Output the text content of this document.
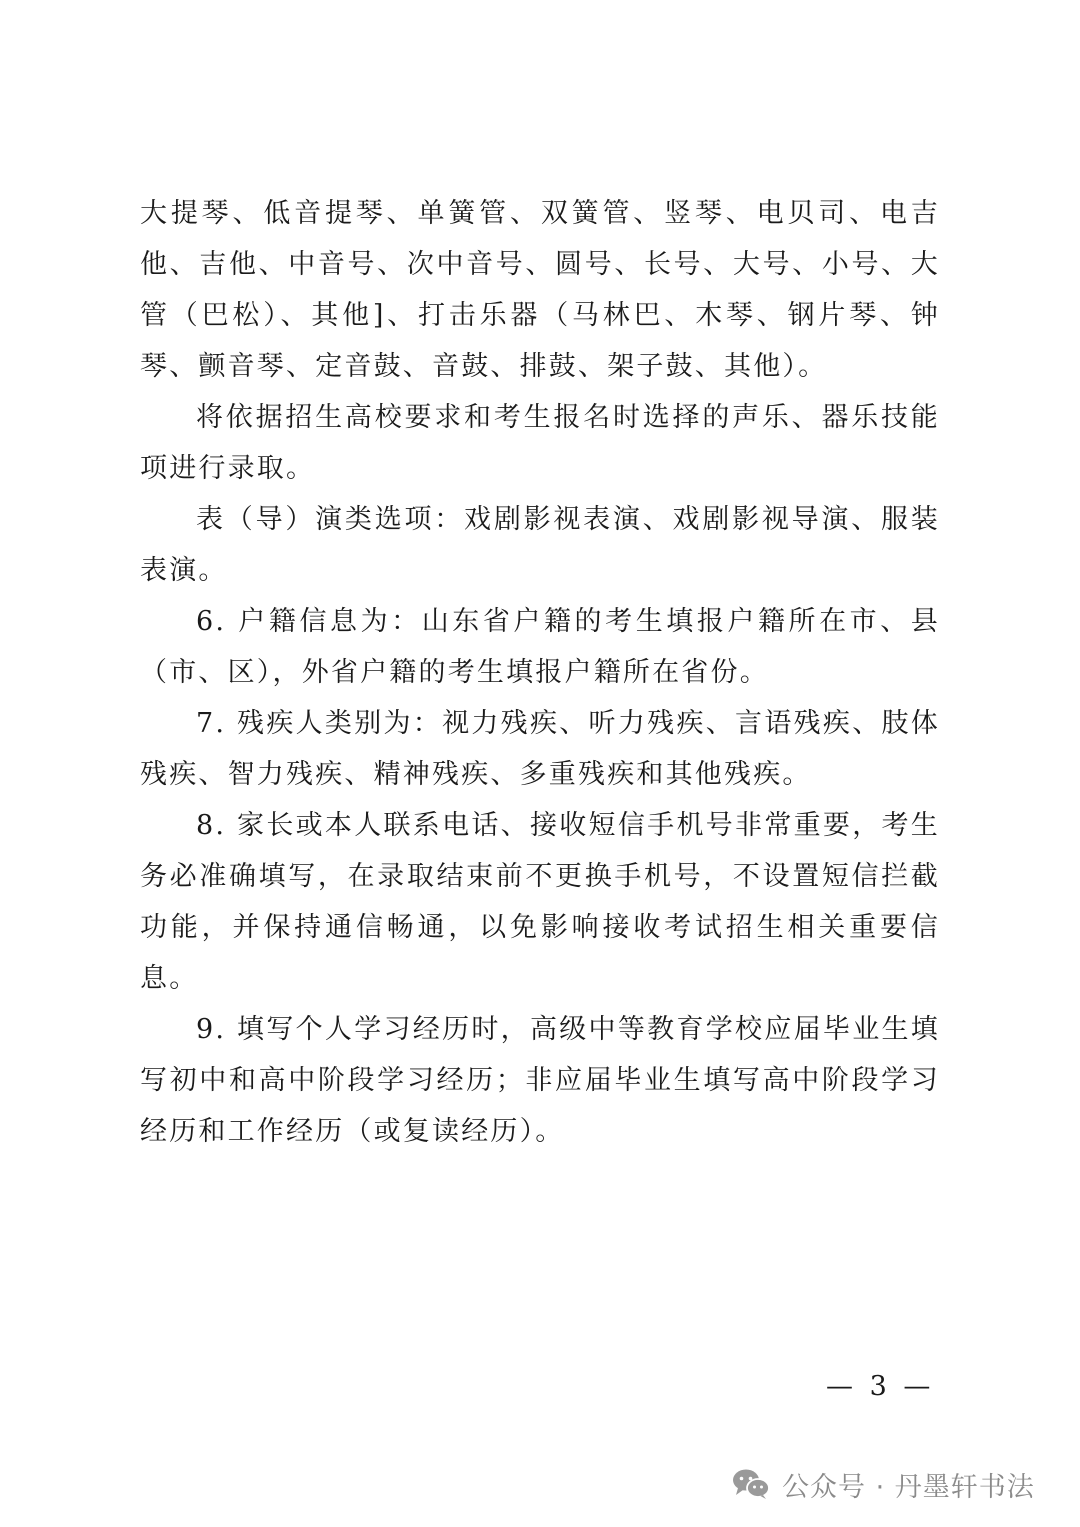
大提琴、低音提琴、单簧管、双簧管、竖琴、电贝司、电吉他、吉他、中音号、次中音号、圆号、长号、大号、小号、大管（巴松）、其他]、打击乐器（马林巴、木琴、钢片琴、钟琴、颤音琴、定音鼓、音鼓、排鼓、架子鼓、其他）。

将依据招生高校要求和考生报名时选择的声乐、器乐技能项进行录取。

表（导）演类选项：戏剧影视表演、戏剧影视导演、服装表演。

6. 户籍信息为：山东省户籍的考生填报户籍所在市、县（市、区），外省户籍的考生填报户籍所在省份。

7. 残疾人类别为：视力残疾、听力残疾、言语残疾、肢体残疾、智力残疾、精神残疾、多重残疾和其他残疾。

8. 家长或本人联系电话、接收短信手机号非常重要，考生务必准确填写，在录取结束前不更换手机号，不设置短信拦截功能，并保持通信畅通，以免影响接收考试招生相关重要信息。

9. 填写个人学习经历时，高级中等教育学校应届毕业生填写初中和高中阶段学习经历；非应届毕业生填写高中阶段学习经历和工作经历（或复读经历）。

— 3 —
公众号 · 丹墨轩书法
